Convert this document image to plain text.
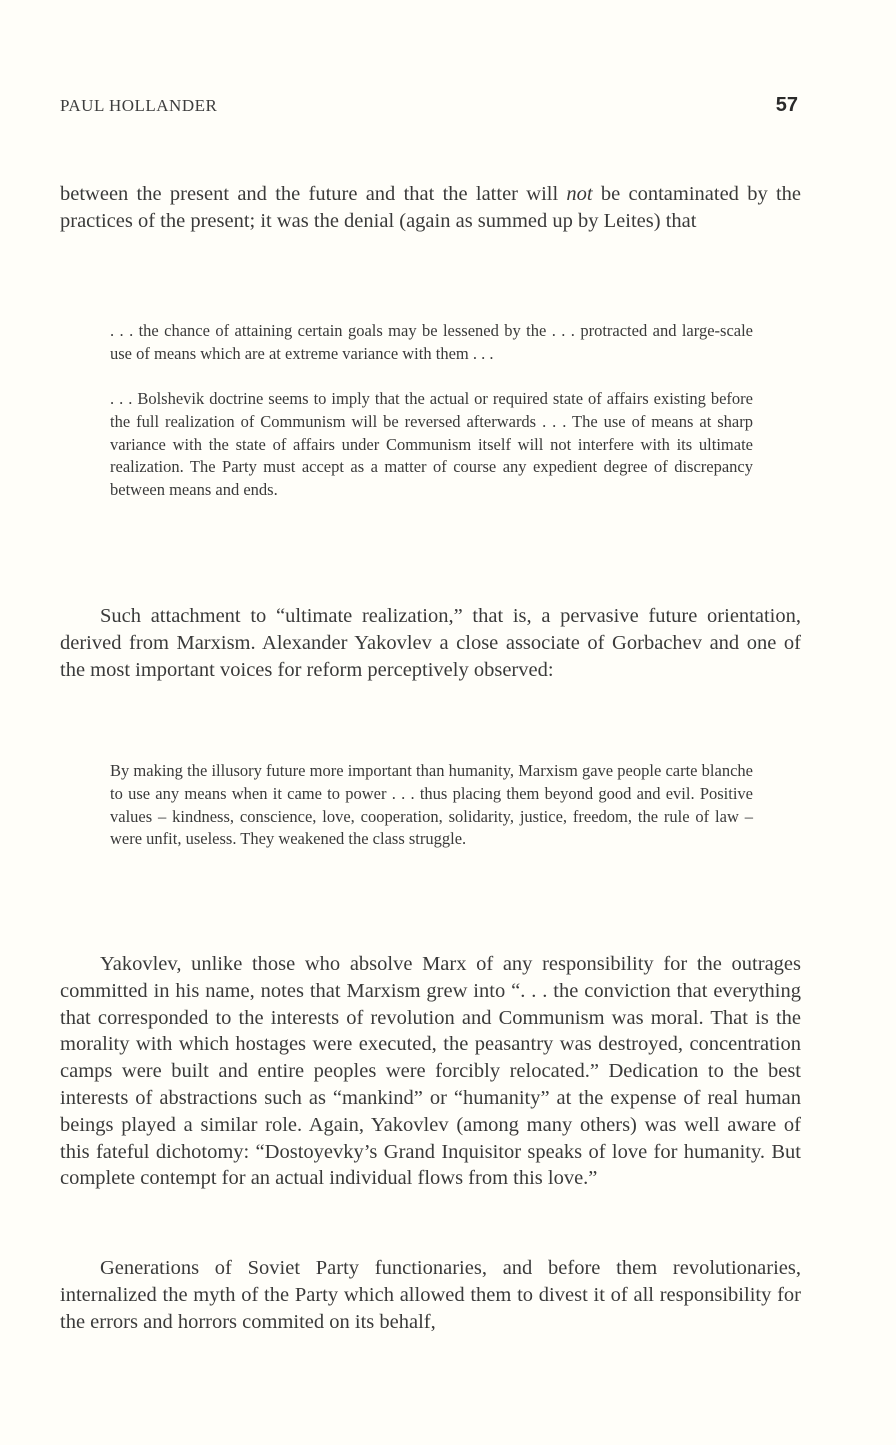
PAUL HOLLANDER	57

between the present and the future and that the latter will not be contaminated by the practices of the present; it was the denial (again as summed up by Leites) that

. . . the chance of attaining certain goals may be lessened by the . . . protracted and large-scale use of means which are at extreme variance with them . . .

. . . Bolshevik doctrine seems to imply that the actual or required state of affairs existing before the full realization of Communism will be reversed afterwards . . . The use of means at sharp variance with the state of affairs under Communism itself will not interfere with its ultimate realization. The Party must accept as a matter of course any expedient degree of discrepancy between means and ends.

Such attachment to “ultimate realization,” that is, a pervasive future orientation, derived from Marxism. Alexander Yakovlev a close associate of Gorbachev and one of the most important voices for reform perceptively observed:

By making the illusory future more important than humanity, Marxism gave people carte blanche to use any means when it came to power . . . thus placing them beyond good and evil. Positive values – kindness, conscience, love, cooperation, solidarity, justice, freedom, the rule of law – were unfit, useless. They weakened the class struggle.

Yakovlev, unlike those who absolve Marx of any responsibility for the outrages committed in his name, notes that Marxism grew into “. . . the conviction that everything that corresponded to the interests of revolution and Communism was moral. That is the morality with which hostages were executed, the peasantry was destroyed, concentration camps were built and entire peoples were forcibly relocated.” Dedication to the best interests of abstractions such as “mankind” or “humanity” at the expense of real human beings played a similar role. Again, Yakovlev (among many others) was well aware of this fateful dichotomy: “Dostoyevky’s Grand Inquisitor speaks of love for humanity. But complete contempt for an actual individual flows from this love.”

Generations of Soviet Party functionaries, and before them revolutionaries, internalized the myth of the Party which allowed them to divest it of all responsibility for the errors and horrors commited on its behalf,
